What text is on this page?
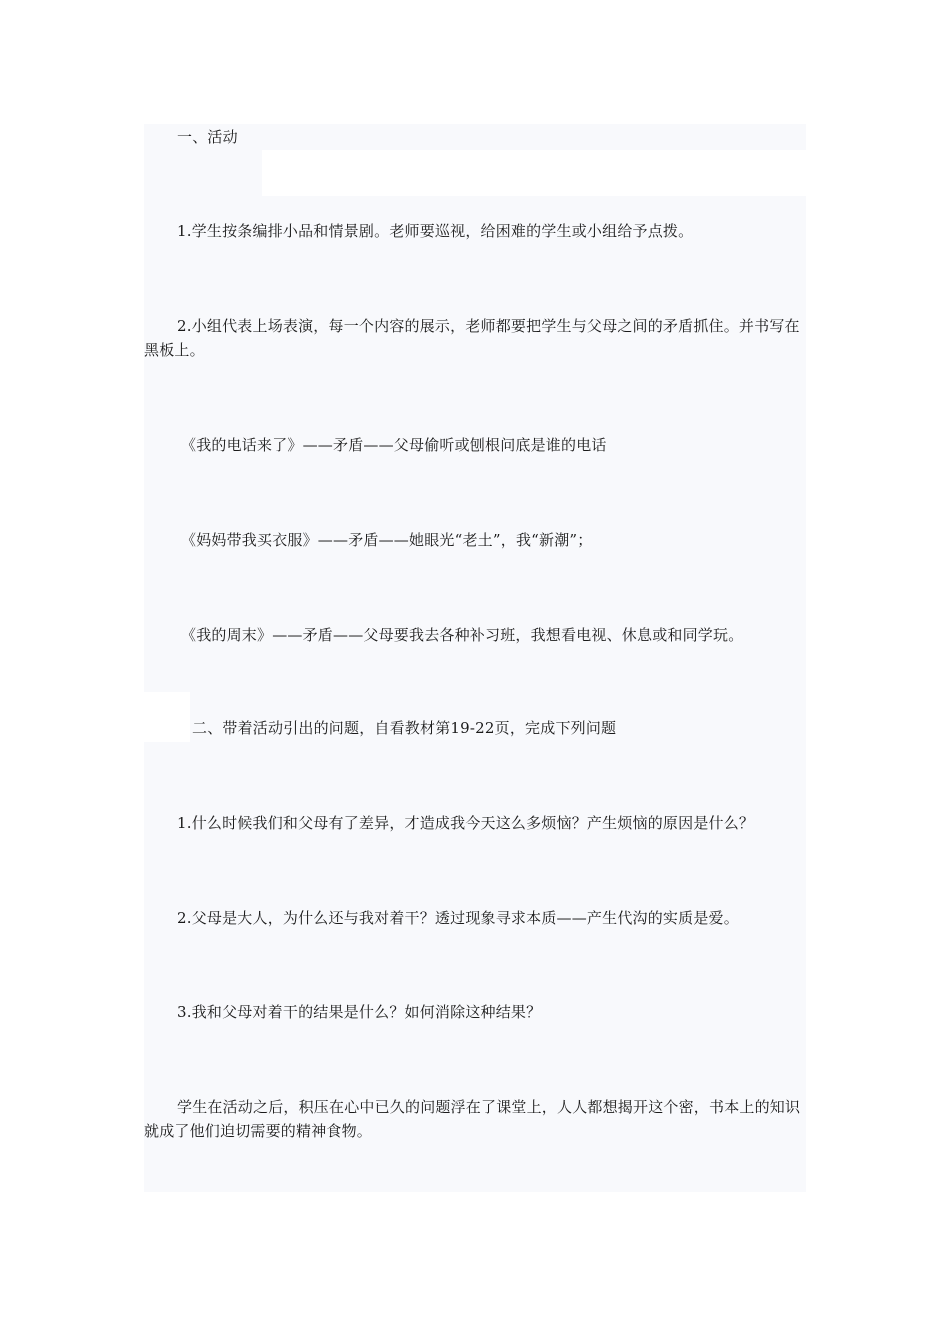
一、活动
1.学生按条编排小品和情景剧。老师要巡视，给困难的学生或小组给予点拨。
2.小组代表上场表演，每一个内容的展示，老师都要把学生与父母之间的矛盾抓住。并书写在黑板上。
《我的电话来了》——矛盾——父母偷听或刨根问底是谁的电话
《妈妈带我买衣服》——矛盾——她眼光“老土”，我“新潮”；
《我的周末》——矛盾——父母要我去各种补习班，我想看电视、休息或和同学玩。
二、带着活动引出的问题，自看教材第19-22页，完成下列问题
1.什么时候我们和父母有了差异，才造成我今天这么多烦恼？产生烦恼的原因是什么？
2.父母是大人，为什么还与我对着干？透过现象寻求本质——产生代沟的实质是爱。
3.我和父母对着干的结果是什么？如何消除这种结果？
学生在活动之后，积压在心中已久的问题浮在了课堂上，人人都想揭开这个密，书本上的知识就成了他们迫切需要的精神食物。
